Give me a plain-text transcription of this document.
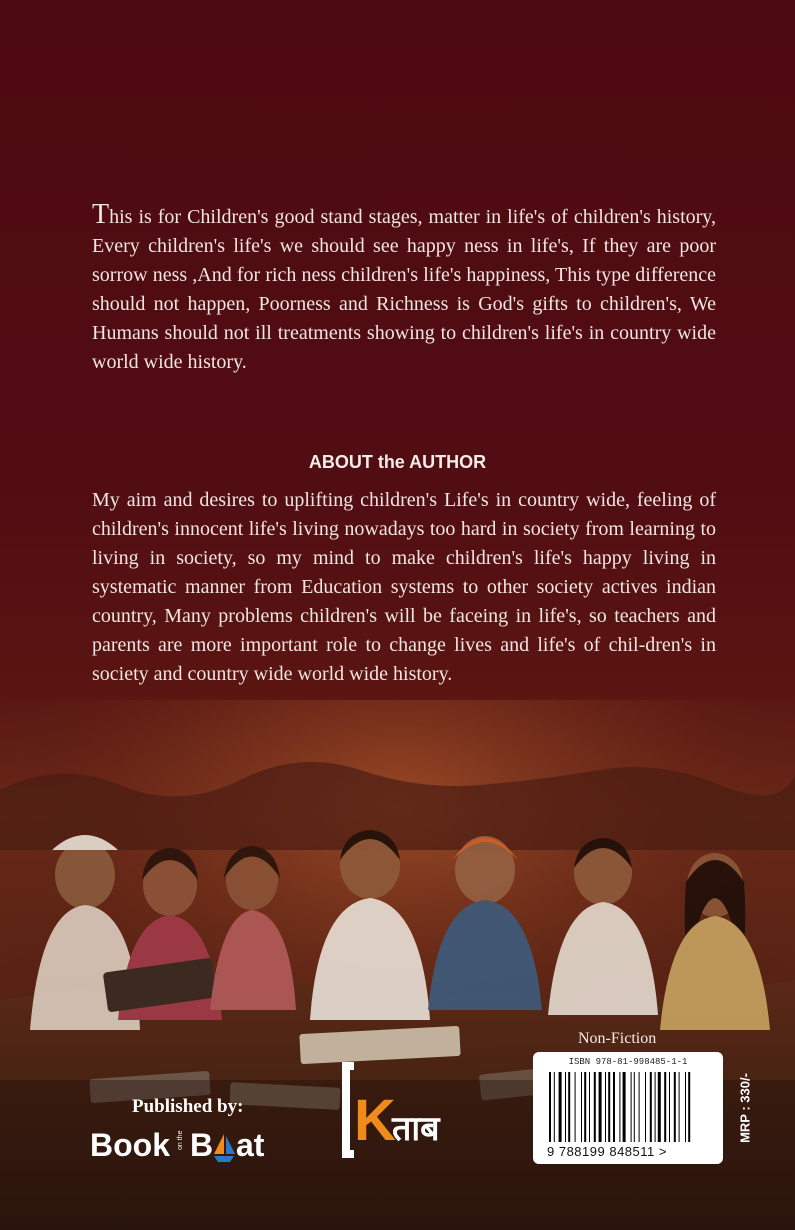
This is for Children's good stand stages, matter in life's of children's history, Every children's life's we should see happy ness in life's, If they are poor sorrow ness ,And for rich ness children's life's happiness, This type difference should not happen, Poorness and Richness is God's gifts to children's, We Humans should not ill treatments showing to children's life's in country wide world wide history.

ABOUT the AUTHOR

My aim and desires to uplifting children's Life's in country wide, feeling of children's innocent life's living nowadays too hard in society from learning to living in society, so my mind to make children's life's happy living in systematic manner from Education systems to other society actives indian country, Many problems children's will be faceing in life's, so teachers and parents are more important role to change lives and life's of chil-dren's in society and country wide world wide history.

Published by:
Book on the B at K
ताब
Non-Fiction
ISBN 978-81-998485-1-1
9 788199 848511 >
MRP : 330/-
